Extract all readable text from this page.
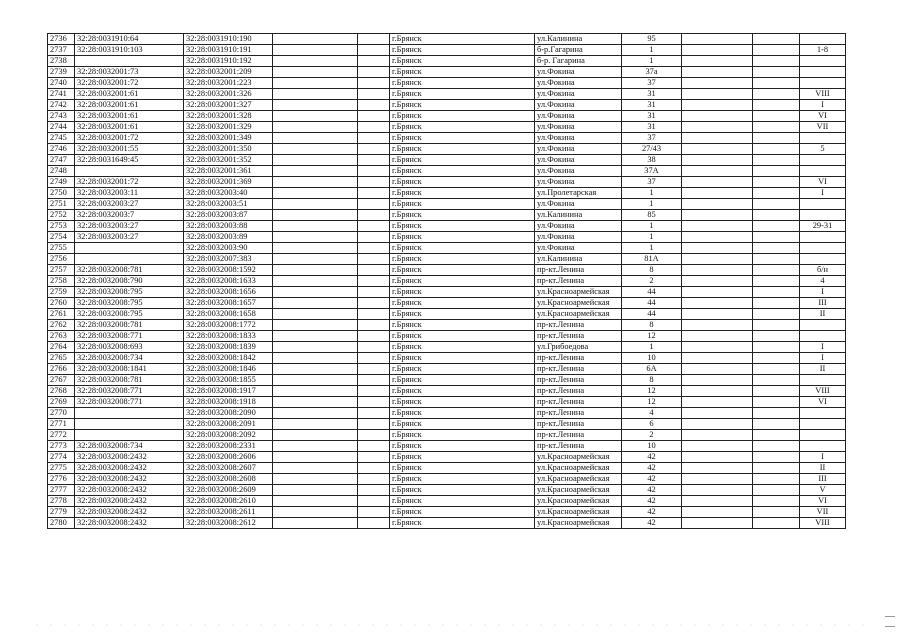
2736	32:28:0031910:64	32:28:0031910:190			г.Брянск	ул.Калинина	95			
2737	32:28:0031910:103	32:28:0031910:191			г.Брянск	б-р.Гагарина	1			1-8
2738		32:28:0031910:192			г.Брянск	б-р. Гагарина	1			
2739	32:28:0032001:73	32:28:0032001:209			г.Брянск	ул.Фокина	37а			
2740	32:28:0032001:72	32:28:0032001:223			г.Брянск	ул.Фокина	37			
2741	32:28:0032001:61	32:28:0032001:326			г.Брянск	ул.Фокина	31			VIII
2742	32:28:0032001:61	32:28:0032001:327			г.Брянск	ул.Фокина	31			I
2743	32:28:0032001:61	32:28:0032001:328			г.Брянск	ул.Фокина	31			VI
2744	32:28:0032001:61	32:28:0032001:329			г.Брянск	ул.Фокина	31			VII
2745	32:28:0032001:72	32:28:0032001:349			г.Брянск	ул.Фокина	37			
2746	32:28:0032001:55	32:28:0032001:350			г.Брянск	ул.Фокина	27/43			5
2747	32:28:0031649:45	32:28:0032001:352			г.Брянск	ул.Фокина	38			
2748		32:28:0032001:361			г.Брянск	ул.Фокина	37А			
2749	32:28:0032001:72	32:28:0032001:369			г.Брянск	ул.Фокина	37			VI
2750	32:28:0032003:11	32:28:0032003:40			г.Брянск	ул.Пролетарская	1			I
2751	32:28:0032003:27	32:28:0032003:51			г.Брянск	ул.Фокина	1			
2752	32:28:0032003:7	32:28:0032003:87			г.Брянск	ул.Калинина	85			
2753	32:28:0032003:27	32:28:0032003:88			г.Брянск	ул.Фокина	1			29-31
2754	32:28:0032003:27	32:28:0032003:89			г.Брянск	ул.Фокина	1			
2755		32:28:0032003:90			г.Брянск	ул.Фокина	1			
2756		32:28:0032007:383			г.Брянск	ул.Калинина	81А			
2757	32:28:0032008:781	32:28:0032008:1592			г.Брянск	пр-кт.Ленина	8			б/н
2758	32:28:0032008:790	32:28:0032008:1633			г.Брянск	пр-кт.Ленина	2			4
2759	32:28:0032008:795	32:28:0032008:1656			г.Брянск	ул.Красноармейская	44			I
2760	32:28:0032008:795	32:28:0032008:1657			г.Брянск	ул.Красноармейская	44			III
2761	32:28:0032008:795	32:28:0032008:1658			г.Брянск	ул.Красноармейская	44			II
2762	32:28:0032008:781	32:28:0032008:1772			г.Брянск	пр-кт.Ленина	8			
2763	32:28:0032008:771	32:28:0032008:1833			г.Брянск	пр-кт.Ленина	12			
2764	32:28:0032008:693	32:28:0032008:1839			г.Брянск	ул.Грибоедова	1			I
2765	32:28:0032008:734	32:28:0032008:1842			г.Брянск	пр-кт.Ленина	10			I
2766	32:28:0032008:1841	32:28:0032008:1846			г.Брянск	пр-кт.Ленина	6А			II
2767	32:28:0032008:781	32:28:0032008:1855			г.Брянск	пр-кт.Ленина	8			
2768	32:28:0032008:771	32:28:0032008:1917			г.Брянск	пр-кт.Ленина	12			VIII
2769	32:28:0032008:771	32:28:0032008:1918			г.Брянск	пр-кт.Ленина	12			VI
2770		32:28:0032008:2090			г.Брянск	пр-кт.Ленина	4			
2771		32:28:0032008:2091			г.Брянск	пр-кт.Ленина	6			
2772		32:28:0032008:2092			г.Брянск	пр-кт.Ленина	2			
2773	32:28:0032008:734	32:28:0032008:2331			г.Брянск	пр-кт.Ленина	10			
2774	32:28:0032008:2432	32:28:0032008:2606			г.Брянск	ул.Красноармейская	42			I
2775	32:28:0032008:2432	32:28:0032008:2607			г.Брянск	ул.Красноармейская	42			II
2776	32:28:0032008:2432	32:28:0032008:2608			г.Брянск	ул.Красноармейская	42			III
2777	32:28:0032008:2432	32:28:0032008:2609			г.Брянск	ул.Красноармейская	42			V
2778	32:28:0032008:2432	32:28:0032008:2610			г.Брянск	ул.Красноармейская	42			VI
2779	32:28:0032008:2432	32:28:0032008:2611			г.Брянск	ул.Красноармейская	42			VII
2780	32:28:0032008:2432	32:28:0032008:2612			г.Брянск	ул.Красноармейская	42			VIII
